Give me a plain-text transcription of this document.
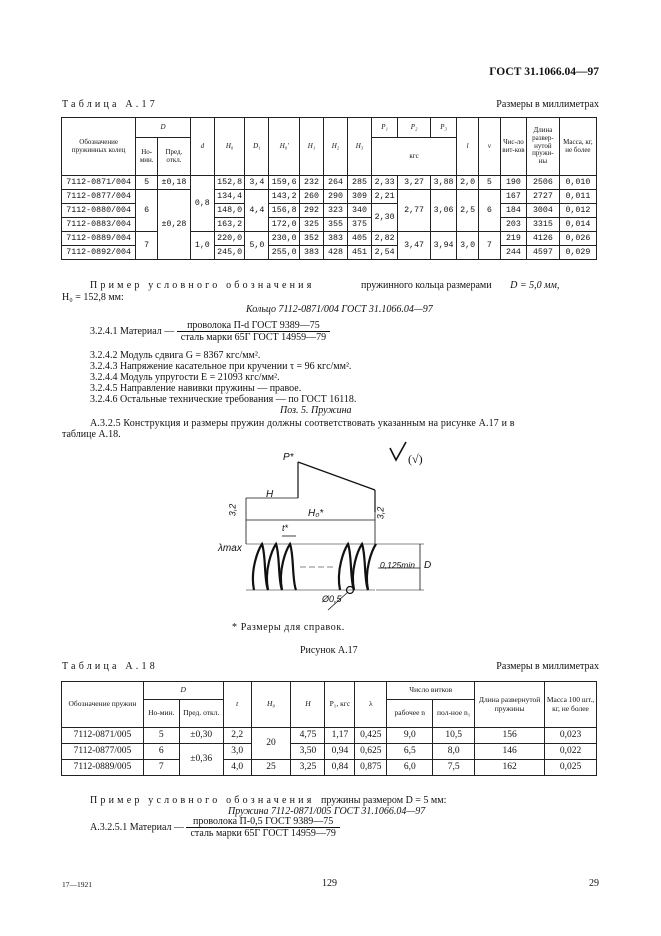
ГОСТ 31.1066.04—97
Таблица А.17	Размеры в миллиметрах
Обозначение пружинных колец	D		d	H₀	D₁	H₀'	H₁	H₂	H₃	P₁	P₂	P₃	l	v	Чис-ло вит-ков	Длина развер-нутой пружи-ны	Масса, кг, не более
	Но-мин.	Пред. откл.								кгс							
7112-0871/004	5	±0,18	0,8	152,8	3,4	159,6	232	264	285	2,33	3,27	3,88	2,0	5	190	2506	0,010
7112-0877/004	6	±0,28		134,4	4,4	143,2	260	290	309	2,21	2,77	3,06	2,5	6	167	2727	0,011
7112-0880/004				148,0		156,8	292	323	340	2,30					184	3004	0,012
7112-0883/004				163,2		172,0	325	355	375						203	3315	0,014
7112-0889/004	7		1,0	220,0	5,0	230,0	352	383	405	2,82	3,47	3,94	3,0	7	219	4126	0,026
7112-0892/004				245,0		255,0	383	428	451	2,54					244	4597	0,029
Пример условного обозначения	пружинного кольца размерами D = 5,0 мм,
H₀ = 152,8 мм:
Кольцо 7112-0871/004 ГОСТ 31.1066.04—97
3.2.4.1 Материал — $\frac{\text{проволока П-d ГОСТ 9389—75}}{\text{сталь марки 65Г ГОСТ 14959—79}}$
3.2.4.2 Модуль сдвига G = 8367 кгс/мм².
3.2.4.3 Напряжение касательное при кручении τ = 96 кгс/мм².
3.2.4.4 Модуль упругости E = 21093 кгс/мм².
3.2.4.5 Направление навивки пружины — правое.
3.2.4.6 Остальные технические требования — по ГОСТ 16118.
Поз. 5. Пружина
А.3.2.5 Конструкция и размеры пружин должны соответствовать указанным на рисунке А.17 и в
таблице А.18.
P*
H
H₀*
t*
λmax
D
0,125min
Ø0,5
3,2	3,2
(√)
* Размеры для справок.
Рисунок А.17
Таблица А.18	Размеры в миллиметрах
Обозначение пружин	D		t	H₀	H	P₁, кгс	λ	Число витков		Длина развернутой пружины	Масса 100 шт., кг, не более
	Но-мин.	Пред. откл.						рабочее n	пол-ное n₁		
7112-0871/005	5	±0,30	2,2	20	4,75	1,17	0,425	9,0	10,5	156	0,023
7112-0877/005	6	±0,36	3,0		3,50	0,94	0,625	6,5	8,0	146	0,022
7112-0889/005	7		4,0	25	3,25	0,84	0,875	6,0	7,5	162	0,025
Пример условного обозначения пружины размером D = 5 мм:
Пружина 7112-0871/005 ГОСТ 31.1066.04—97
А.3.2.5.1 Материал — $\frac{\text{проволока П-0,5 ГОСТ 9389—75}}{\text{сталь марки 65Г ГОСТ 14959—79}}$
17—1921	129	29
